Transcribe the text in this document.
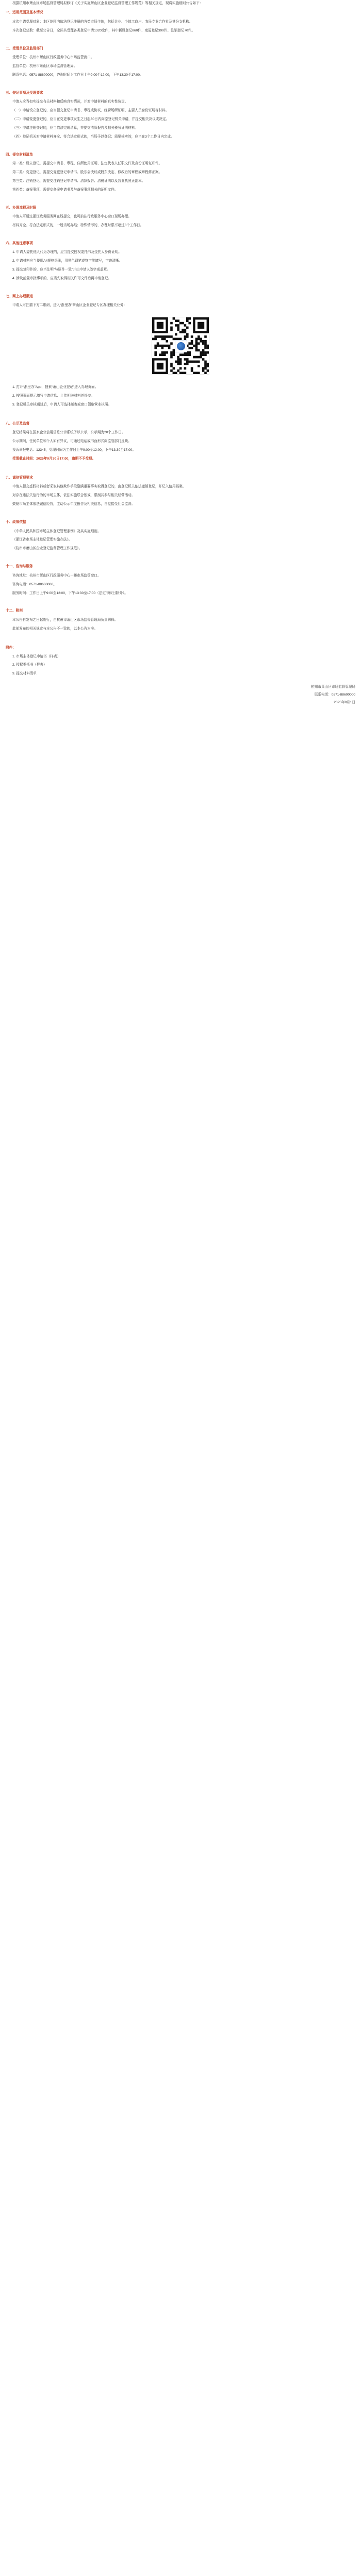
根据杭州市萧山区市场监督管理局拟修订《关于实施萧山区企业登记监督管理工作规范》等相关规定，现将实施细则公告如下：

一、适用范围及基本情况

本次申请受理对象：本区范围内依法登记注册的各类市场主体，包括企业、个体工商户、农民专业合作社及其分支机构。

本次登记总数：截至公告日，全区共受理各类登记申请1320余件，其中新设登记860件、变更登记390件、注销登记70件。

二、受理单位及监管部门

受理单位：杭州市萧山区行政服务中心市场监管窗口。

监管单位：杭州市萧山区市场监督管理局。

联系电话：0571-88600000，咨询时间为工作日上午9:00至12:00，下午13:30至17:00。

三、登记事项及受理要求

申请人应当如实提交有关材料和反映真实情况，并对申请材料的真实性负责。

（一）申请设立登记的，应当提交登记申请书、章程或协议、经营场所证明、主要人员身份证明等材料。

（二）申请变更登记的，应当在变更事项发生之日起30日内向原登记机关申请，并提交相关决议或决定。

（三）申请注销登记的，应当依法完成清算，并提交清算报告及相关税务证明材料。

（四）登记机关对申请材料齐全、符合法定形式的，当场予以登记；需要核实的，应当在3个工作日内完成。

四、提交材料清单

第一类：设立登记，需提交申请书、章程、住所使用证明、法定代表人任职文件及身份证明复印件。

第二类：变更登记，需提交变更登记申请书、股东会决议或股东决定、修改后的章程或章程修正案。

第三类：注销登记，需提交注销登记申请书、清算报告、清税证明以及营业执照正副本。

第四类：备案事项，需提交备案申请书及与备案事项相关的证明文件。

五、办理流程及时限

申请人可通过浙江政务服务网在线提交，也可前往行政服务中心窗口现场办理。

材料齐全、符合法定形式的，一般当场办结；特殊情形的，办理时限不超过3个工作日。

六、其他注意事项

1. 申请人委托他人代为办理的，应当提交授权委托书及受托人身份证明。

2. 申请材料应当使用A4规格纸张，用黑色钢笔或签字笔填写，字迹清晰。

3. 提交复印件的，应当注明“与原件一致”并由申请人签字或盖章。

4. 涉及前置审批事项的，应当先取得相关许可文件后再申请登记。

七、网上办理渠道

申请人可扫描下方二维码，进入“浙里办”萧山区企业登记专区办理相关业务：

1. 打开“浙里办”App，搜索“萧山企业登记”进入办理页面。

2. 按照页面提示填写申请信息、上传相关材料并提交。

3. 登记机关审核通过后，申请人可选择邮寄或窗口领取营业执照。

八、公示及监督

登记结果将在国家企业信用信息公示系统予以公示，公示期为20个工作日。

公示期间，任何单位和个人如有异议，可通过电话或书面形式向监管部门反映。

投诉举报电话：12345，受理时间为工作日上午9:00至12:00，下午13:30至17:00。

受理截止时间：2025年9月30日17:00，逾期不予受理。

九、诚信管理要求

申请人提交虚假材料或者采取其他欺诈手段隐瞒重要事实取得登记的，由登记机关依法撤销登记，并记入信用档案。

对存在违法失信行为的市场主体，依法实施联合惩戒，限制其参与相关经营活动。

鼓励市场主体依法诚信经营，主动公示年度报告及相关信息，自觉接受社会监督。

十、政策依据

《中华人民共和国市场主体登记管理条例》及其实施细则。

《浙江省市场主体登记管理实施办法》。

《杭州市萧山区企业登记监督管理工作规范》。

十一、咨询与服务

咨询地址：杭州市萧山区行政服务中心一楼市场监管窗口。

咨询电话：0571-88600000。

服务时间：工作日上午9:00至12:00，下午13:30至17:00（法定节假日除外）。

十二、附则

本公告自发布之日起施行，由杭州市萧山区市场监督管理局负责解释。

此前发布的相关规定与本公告不一致的，以本公告为准。

附件：

1. 市场主体登记申请书（样表）

2. 授权委托书（样表）

3. 提交材料清单

杭州市萧山区市场监督管理局
联系电话：0571-88600000
2025年9月1日
